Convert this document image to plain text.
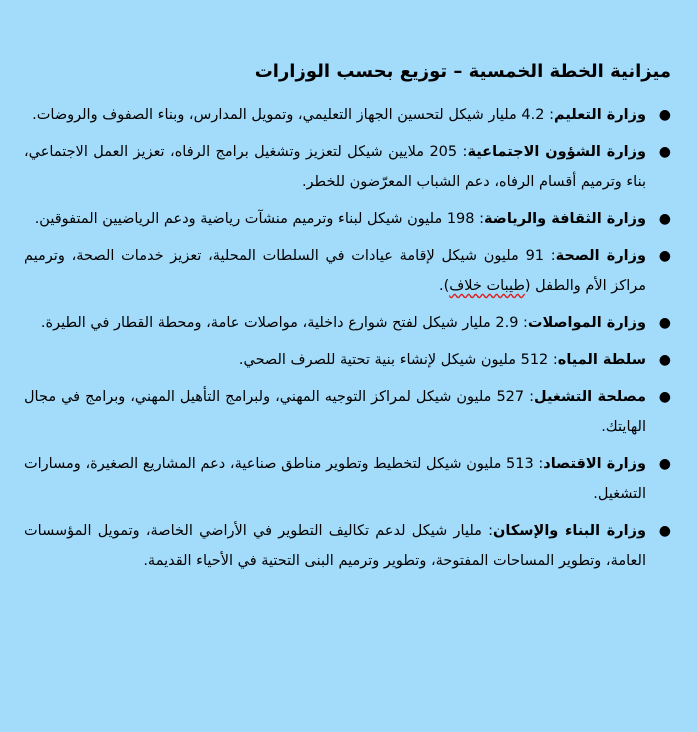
ميزانية الخطة الخمسية – توزيع بحسب الوزارات
●
وزارة التعليم: 4.2 مليار شيكل لتحسين الجهاز التعليمي، وتمويل المدارس، وبناء الصفوف والروضات.
●
وزارة الشؤون الاجتماعية: 205 ملايين شيكل لتعزيز وتشغيل برامج الرفاه، تعزيز العمل الاجتماعي، بناء وترميم أقسام الرفاه، دعم الشباب المعرّضون للخطر.
●
وزارة الثقافة والرياضة: 198 مليون شيكل لبناء وترميم منشآت رياضية ودعم الرياضيين المتفوقين.
●
وزارة الصحة: 91 مليون شيكل لإقامة عيادات في السلطات المحلية، تعزيز خدمات الصحة، وترميم مراكز الأم والطفل (طيبات خلاف).
●
وزارة المواصلات: 2.9 مليار شيكل لفتح شوارع داخلية، مواصلات عامة، ومحطة القطار في الطيرة.
●
سلطة المياه: 512 مليون شيكل لإنشاء بنية تحتية للصرف الصحي.
●
مصلحة التشغيل: 527 مليون شيكل لمراكز التوجيه المهني، ولبرامج التأهيل المهني، وبرامج في مجال الهايتك.
●
وزارة الاقتصاد: 513 مليون شيكل لتخطيط وتطوير مناطق صناعية، دعم المشاريع الصغيرة، ومسارات التشغيل.
●
وزارة البناء والإسكان: مليار شيكل لدعم تكاليف التطوير في الأراضي الخاصة، وتمويل المؤسسات العامة، وتطوير المساحات المفتوحة، وتطوير وترميم البنى التحتية في الأحياء القديمة.
